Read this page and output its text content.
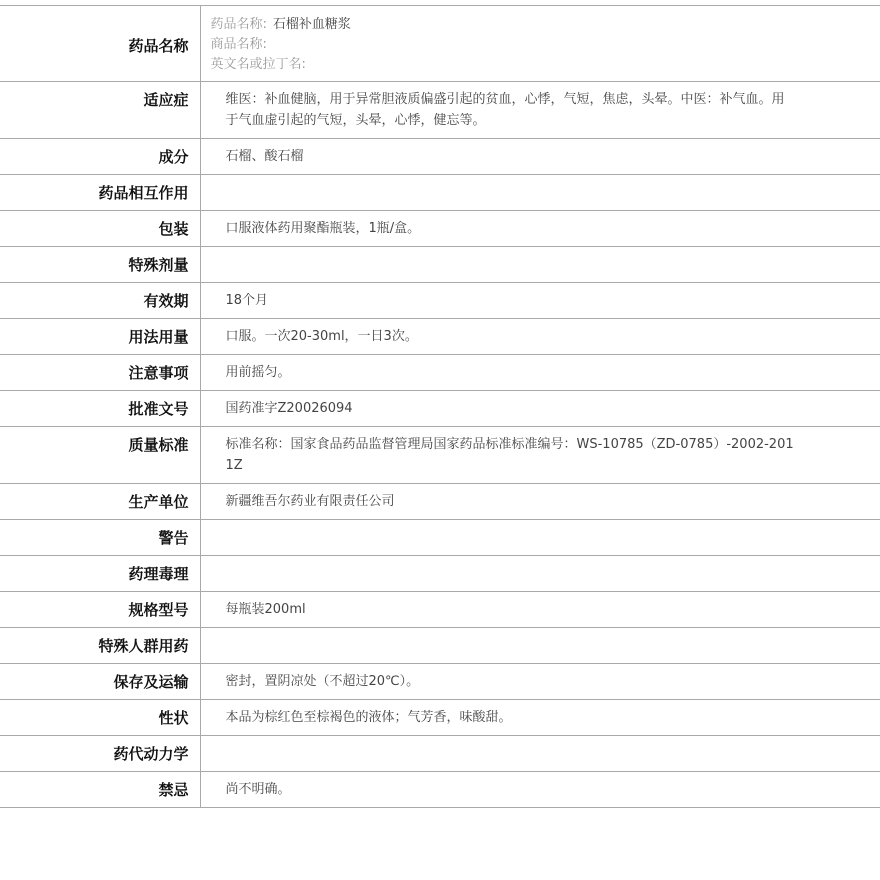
药品名称	药品名称: 石榴补血糖浆
商品名称:
英文名或拉丁名:

适应症	维医：补血健脑，用于异常胆液质偏盛引起的贫血，心悸，气短，焦虑，头晕。中医：补气血。用于气血虚引起的气短，头晕，心悸，健忘等。

成分	石榴、酸石榴
药品相互作用	
包装	口服液体药用聚酯瓶装，1瓶/盒。
特殊剂量	
有效期	18个月
用法用量	口服。一次20-30ml，一日3次。
注意事项	用前摇匀。
批准文号	国药准字Z20026094
质量标准	标准名称：国家食品药品监督管理局国家药品标准标准编号：WS-10785（ZD-0785）-2002-2011Z

生产单位	新疆维吾尔药业有限责任公司
警告	
药理毒理	
规格型号	每瓶装200ml
特殊人群用药	
保存及运输	密封，置阴凉处（不超过20℃）。
性状	本品为棕红色至棕褐色的液体；气芳香，味酸甜。
药代动力学	
禁忌	尚不明确。
